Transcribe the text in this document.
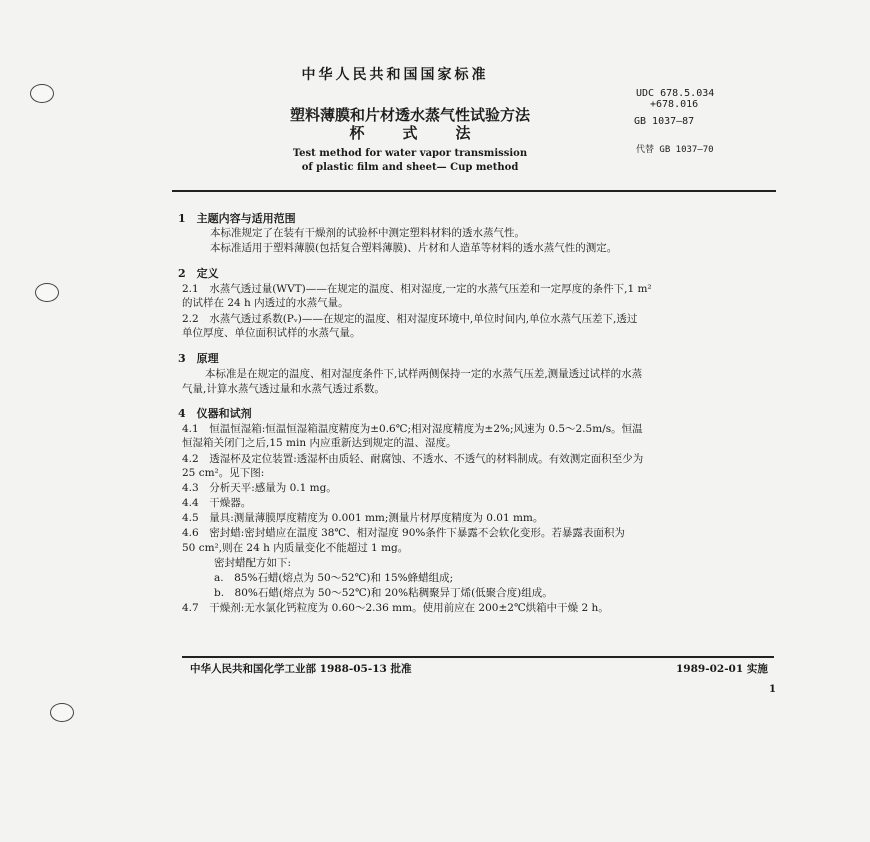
中华人民共和国国家标准
UDC 678.5.034
+678.016
GB 1037—87
代替 GB 1037—70
塑料薄膜和片材透水蒸气性试验方法
杯式法
Test method for water vapor transmission
of plastic film and sheet— Cup method
1　主题内容与适用范围
本标准规定了在装有干燥剂的试验杯中测定塑料材料的透水蒸气性。
本标准适用于塑料薄膜(包括复合塑料薄膜)、片材和人造革等材料的透水蒸气性的测定。
2　定义
2.1　水蒸气透过量(WVT)——在规定的温度、相对湿度,一定的水蒸气压差和一定厚度的条件下,1 m²
的试样在 24 h 内透过的水蒸气量。
2.2　水蒸气透过系数(Pᵥ)——在规定的温度、相对湿度环境中,单位时间内,单位水蒸气压差下,透过
单位厚度、单位面积试样的水蒸气量。
3　原理
本标准是在规定的温度、相对湿度条件下,试样两侧保持一定的水蒸气压差,测量透过试样的水蒸
气量,计算水蒸气透过量和水蒸气透过系数。
4　仪器和试剂
4.1　恒温恒湿箱:恒温恒湿箱温度精度为±0.6℃;相对湿度精度为±2%;风速为 0.5～2.5m/s。恒温
恒湿箱关闭门之后,15 min 内应重新达到规定的温、湿度。
4.2　透湿杯及定位装置:透湿杯由质轻、耐腐蚀、不透水、不透气的材料制成。有效测定面积至少为
25 cm²。见下图:
4.3　分析天平:感量为 0.1 mg。
4.4　干燥器。
4.5　量具:测量薄膜厚度精度为 0.001 mm;测量片材厚度精度为 0.01 mm。
4.6　密封蜡:密封蜡应在温度 38℃、相对湿度 90%条件下暴露不会软化变形。若暴露表面积为
50 cm²,则在 24 h 内质量变化不能超过 1 mg。
密封蜡配方如下:
a.　85%石蜡(熔点为 50～52℃)和 15%蜂蜡组成;
b.　80%石蜡(熔点为 50～52℃)和 20%粘稠聚异丁烯(低聚合度)组成。
4.7　干燥剂:无水氯化钙粒度为 0.60～2.36 mm。使用前应在 200±2℃烘箱中干燥 2 h。
中华人民共和国化学工业部 1988-05-13 批准	1989-02-01 实施
1
